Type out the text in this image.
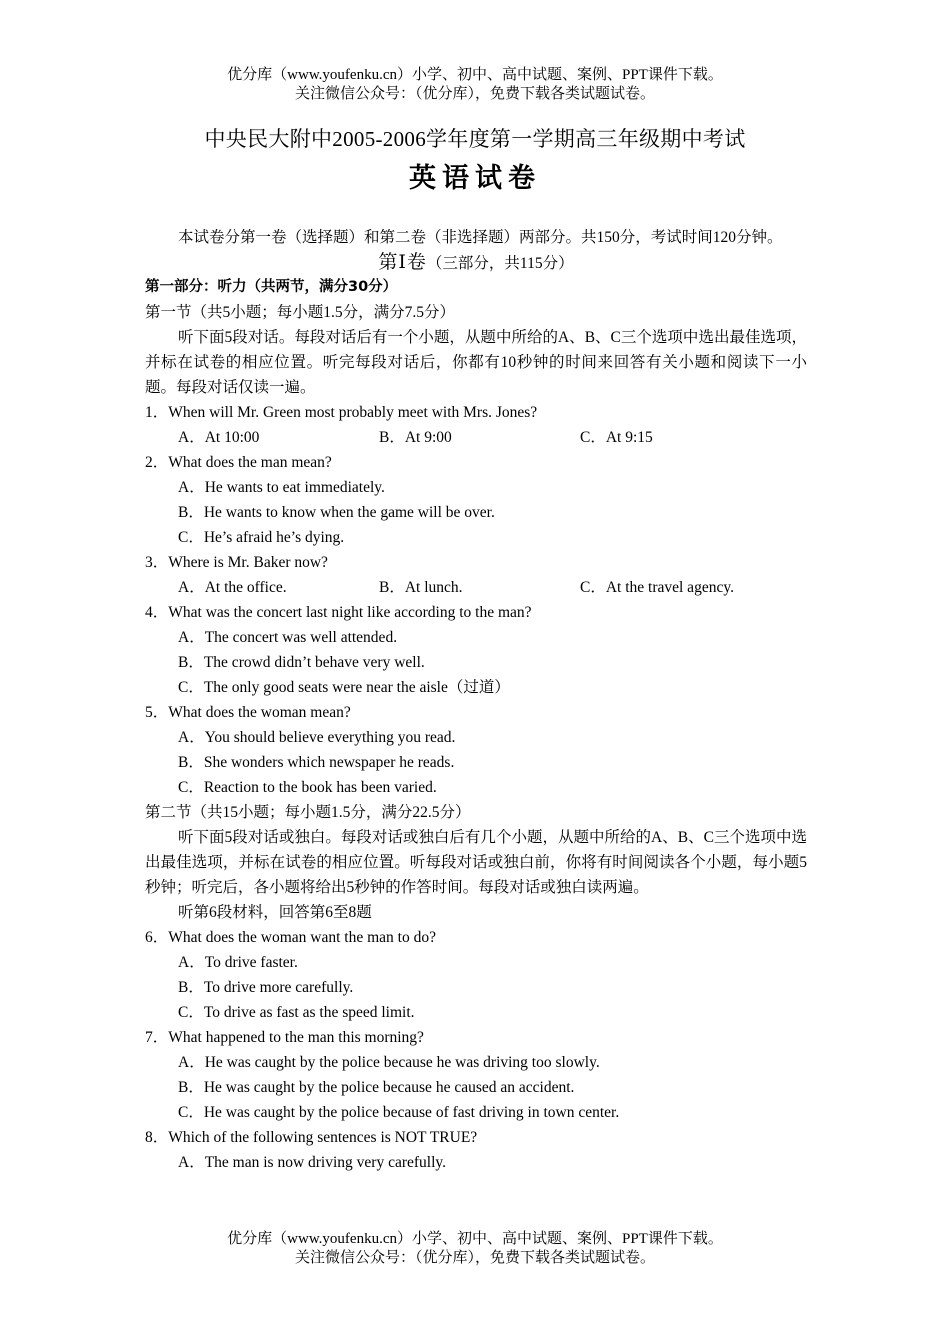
优分库（www.youfenku.cn）小学、初中、高中试题、案例、PPT课件下载。
关注微信公众号：（优分库），免费下载各类试题试卷。
中央民大附中2005-2006学年度第一学期高三年级期中考试
英语试卷
本试卷分第一卷（选择题）和第二卷（非选择题）两部分。共150分，考试时间120分钟。
第Ⅰ卷（三部分，共115分）
第一部分：听力（共两节，满分30分）
第一节（共5小题；每小题1.5分，满分7.5分）
听下面5段对话。每段对话后有一个小题，从题中所给的A、B、C三个选项中选出最佳选项，并标在试卷的相应位置。听完每段对话后，你都有10秒钟的时间来回答有关小题和阅读下一小题。每段对话仅读一遍。
1．When will Mr. Green most probably meet with Mrs. Jones?
A．At 10:00	B．At 9:00	C．At 9:15
2．What does the man mean?
A．He wants to eat immediately.
B．He wants to know when the game will be over.
C．He’s afraid he’s dying.
3．Where is Mr. Baker now?
A．At the office.	B．At lunch.	C．At the travel agency.
4．What was the concert last night like according to the man?
A．The concert was well attended.
B．The crowd didn’t behave very well.
C．The only good seats were near the aisle（过道）
5．What does the woman mean?
A．You should believe everything you read.
B．She wonders which newspaper he reads.
C．Reaction to the book has been varied.
第二节（共15小题；每小题1.5分，满分22.5分）
听下面5段对话或独白。每段对话或独白后有几个小题，从题中所给的A、B、C三个选项中选出最佳选项，并标在试卷的相应位置。听每段对话或独白前，你将有时间阅读各个小题，每小题5秒钟；听完后，各小题将给出5秒钟的作答时间。每段对话或独白读两遍。
听第6段材料，回答第6至8题
6．What does the woman want the man to do?
A．To drive faster.
B．To drive more carefully.
C．To drive as fast as the speed limit.
7．What happened to the man this morning?
A．He was caught by the police because he was driving too slowly.
B．He was caught by the police because he caused an accident.
C．He was caught by the police because of fast driving in town center.
8．Which of the following sentences is NOT TRUE?
A．The man is now driving very carefully.
优分库（www.youfenku.cn）小学、初中、高中试题、案例、PPT课件下载。
关注微信公众号：（优分库），免费下载各类试题试卷。
